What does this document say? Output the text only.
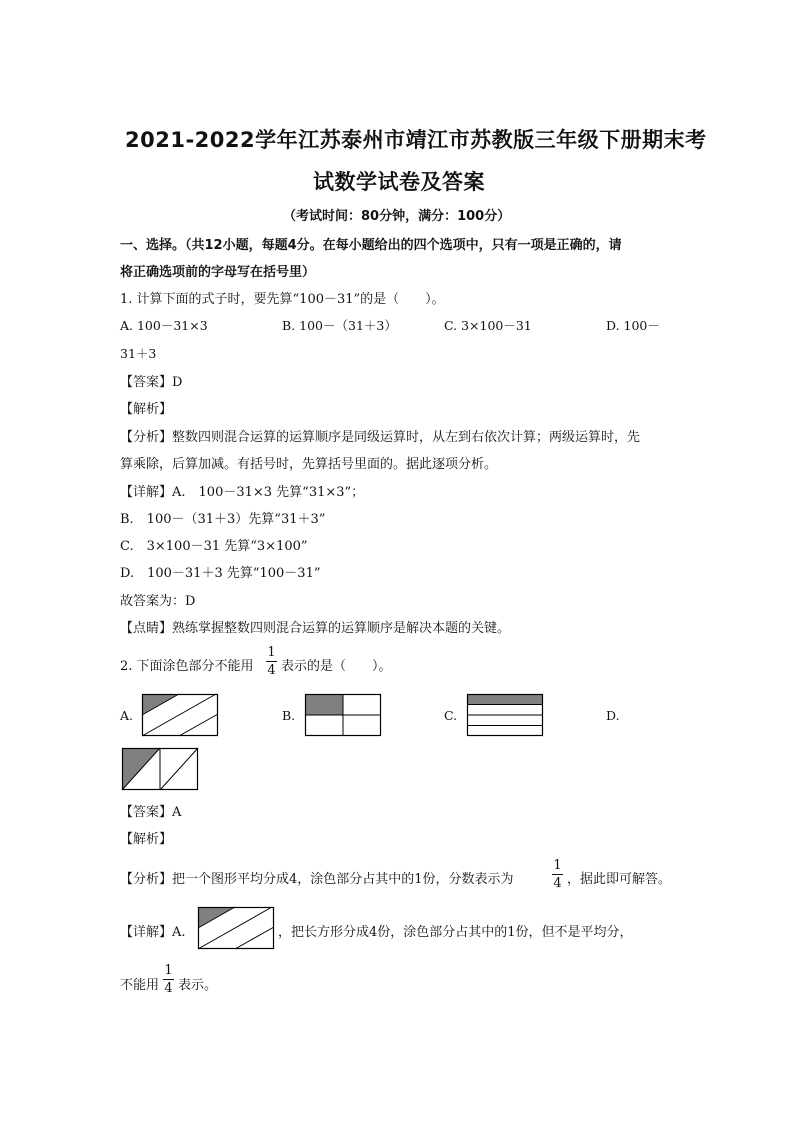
2021-2022学年江苏泰州市靖江市苏教版三年级下册期末考
试数学试卷及答案
（考试时间：80分钟，满分：100分）
一、选择。（共12小题，每题4分。在每小题给出的四个选项中，只有一项是正确的，请
将正确选项前的字母写在括号里）
1. 计算下面的式子时，要先算“100－31”的是（　　）。
A. 100－31×3	B. 100－（31＋3）	C. 3×100－31	D. 100－
31＋3
【答案】D
【解析】
【分析】整数四则混合运算的运算顺序是同级运算时，从左到右依次计算；两级运算时，先
算乘除，后算加减。有括号时，先算括号里面的。据此逐项分析。
【详解】A.　100－31×3 先算“31×3”；
B.　100－（31＋3）先算“31＋3”
C.　3×100－31 先算“3×100”
D.　100－31＋3 先算“100－31”
故答案为：D
【点睛】熟练掌握整数四则混合运算的运算顺序是解决本题的关键。
2. 下面涂色部分不能用
1
4 表示的是（　　）。
A.	B.	C.	D.
【答案】A
【解析】
【分析】把一个图形平均分成4，涂色部分占其中的1份，分数表示为
1
4 ，据此即可解答。
【详解】A.	，把长方形分成4份，涂色部分占其中的1份，但不是平均分，
不能用
1
4 表示。
